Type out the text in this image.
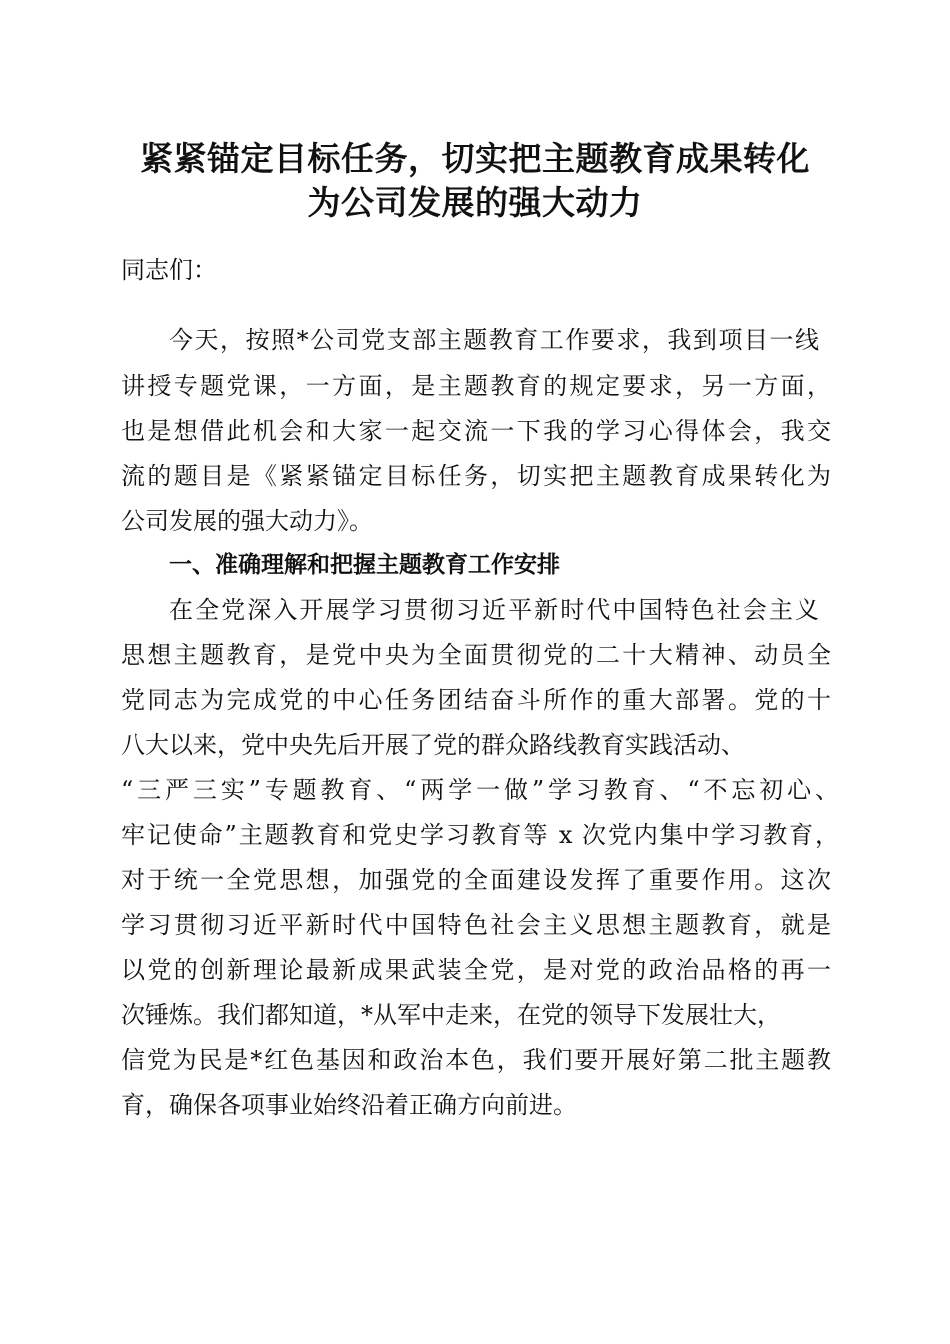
紧紧锚定目标任务，切实把主题教育成果转化
为公司发展的强大动力

同志们：

今天，按照*公司党支部主题教育工作要求，我到项目一线

讲授专题党课，一方面，是主题教育的规定要求，另一方面，

也是想借此机会和大家一起交流一下我的学习心得体会，我交

流的题目是《紧紧锚定目标任务，切实把主题教育成果转化为

公司发展的强大动力》。

一、准确理解和把握主题教育工作安排

在全党深入开展学习贯彻习近平新时代中国特色社会主义

思想主题教育，是党中央为全面贯彻党的二十大精神、动员全

党同志为完成党的中心任务团结奋斗所作的重大部署。党的十

八大以来，党中央先后开展了党的群众路线教育实践活动、

“三严三实”专题教育、“两学一做”学习教育、“不忘初心、

牢记使命”主题教育和党史学习教育等 x 次党内集中学习教育，

对于统一全党思想，加强党的全面建设发挥了重要作用。这次

学习贯彻习近平新时代中国特色社会主义思想主题教育，就是

以党的创新理论最新成果武装全党，是对党的政治品格的再一

次锤炼。我们都知道，*从军中走来，在党的领导下发展壮大，

信党为民是*红色基因和政治本色，我们要开展好第二批主题教

育，确保各项事业始终沿着正确方向前进。
